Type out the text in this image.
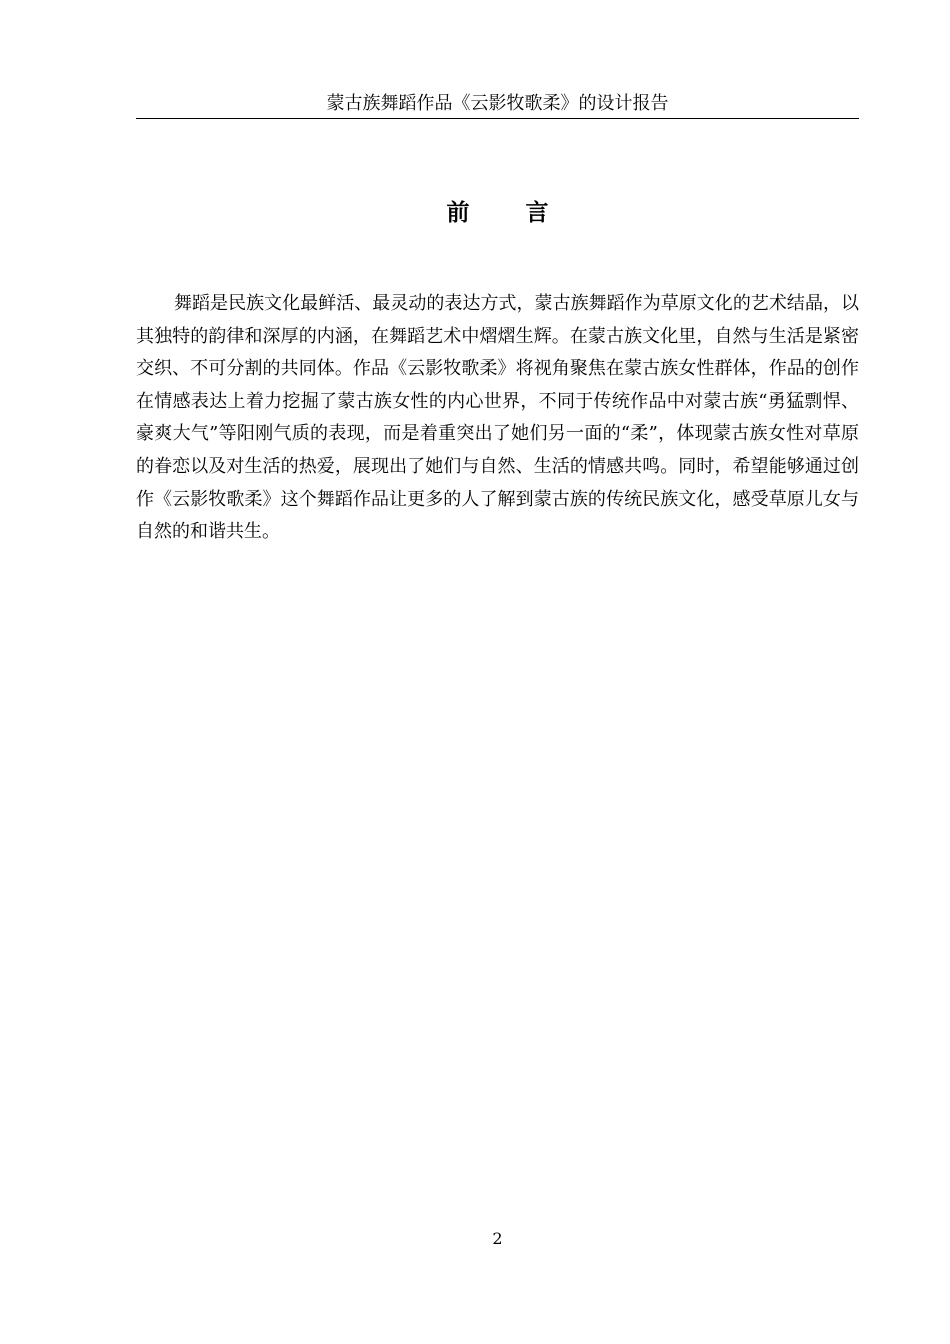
蒙古族舞蹈作品《云影牧歌柔》的设计报告
前言

舞蹈是民族文化最鲜活、最灵动的表达方式，蒙古族舞蹈作为草原文化的艺术结晶，以其独特的韵律和深厚的内涵，在舞蹈艺术中熠熠生辉。在蒙古族文化里，自然与生活是紧密交织、不可分割的共同体。作品《云影牧歌柔》将视角聚焦在蒙古族女性群体，作品的创作在情感表达上着力挖掘了蒙古族女性的内心世界，不同于传统作品中对蒙古族“勇猛剽悍、豪爽大气”等阳刚气质的表现，而是着重突出了她们另一面的“柔”，体现蒙古族女性对草原的眷恋以及对生活的热爱，展现出了她们与自然、生活的情感共鸣。同时，希望能够通过创作《云影牧歌柔》这个舞蹈作品让更多的人了解到蒙古族的传统民族文化，感受草原儿女与自然的和谐共生。

2
